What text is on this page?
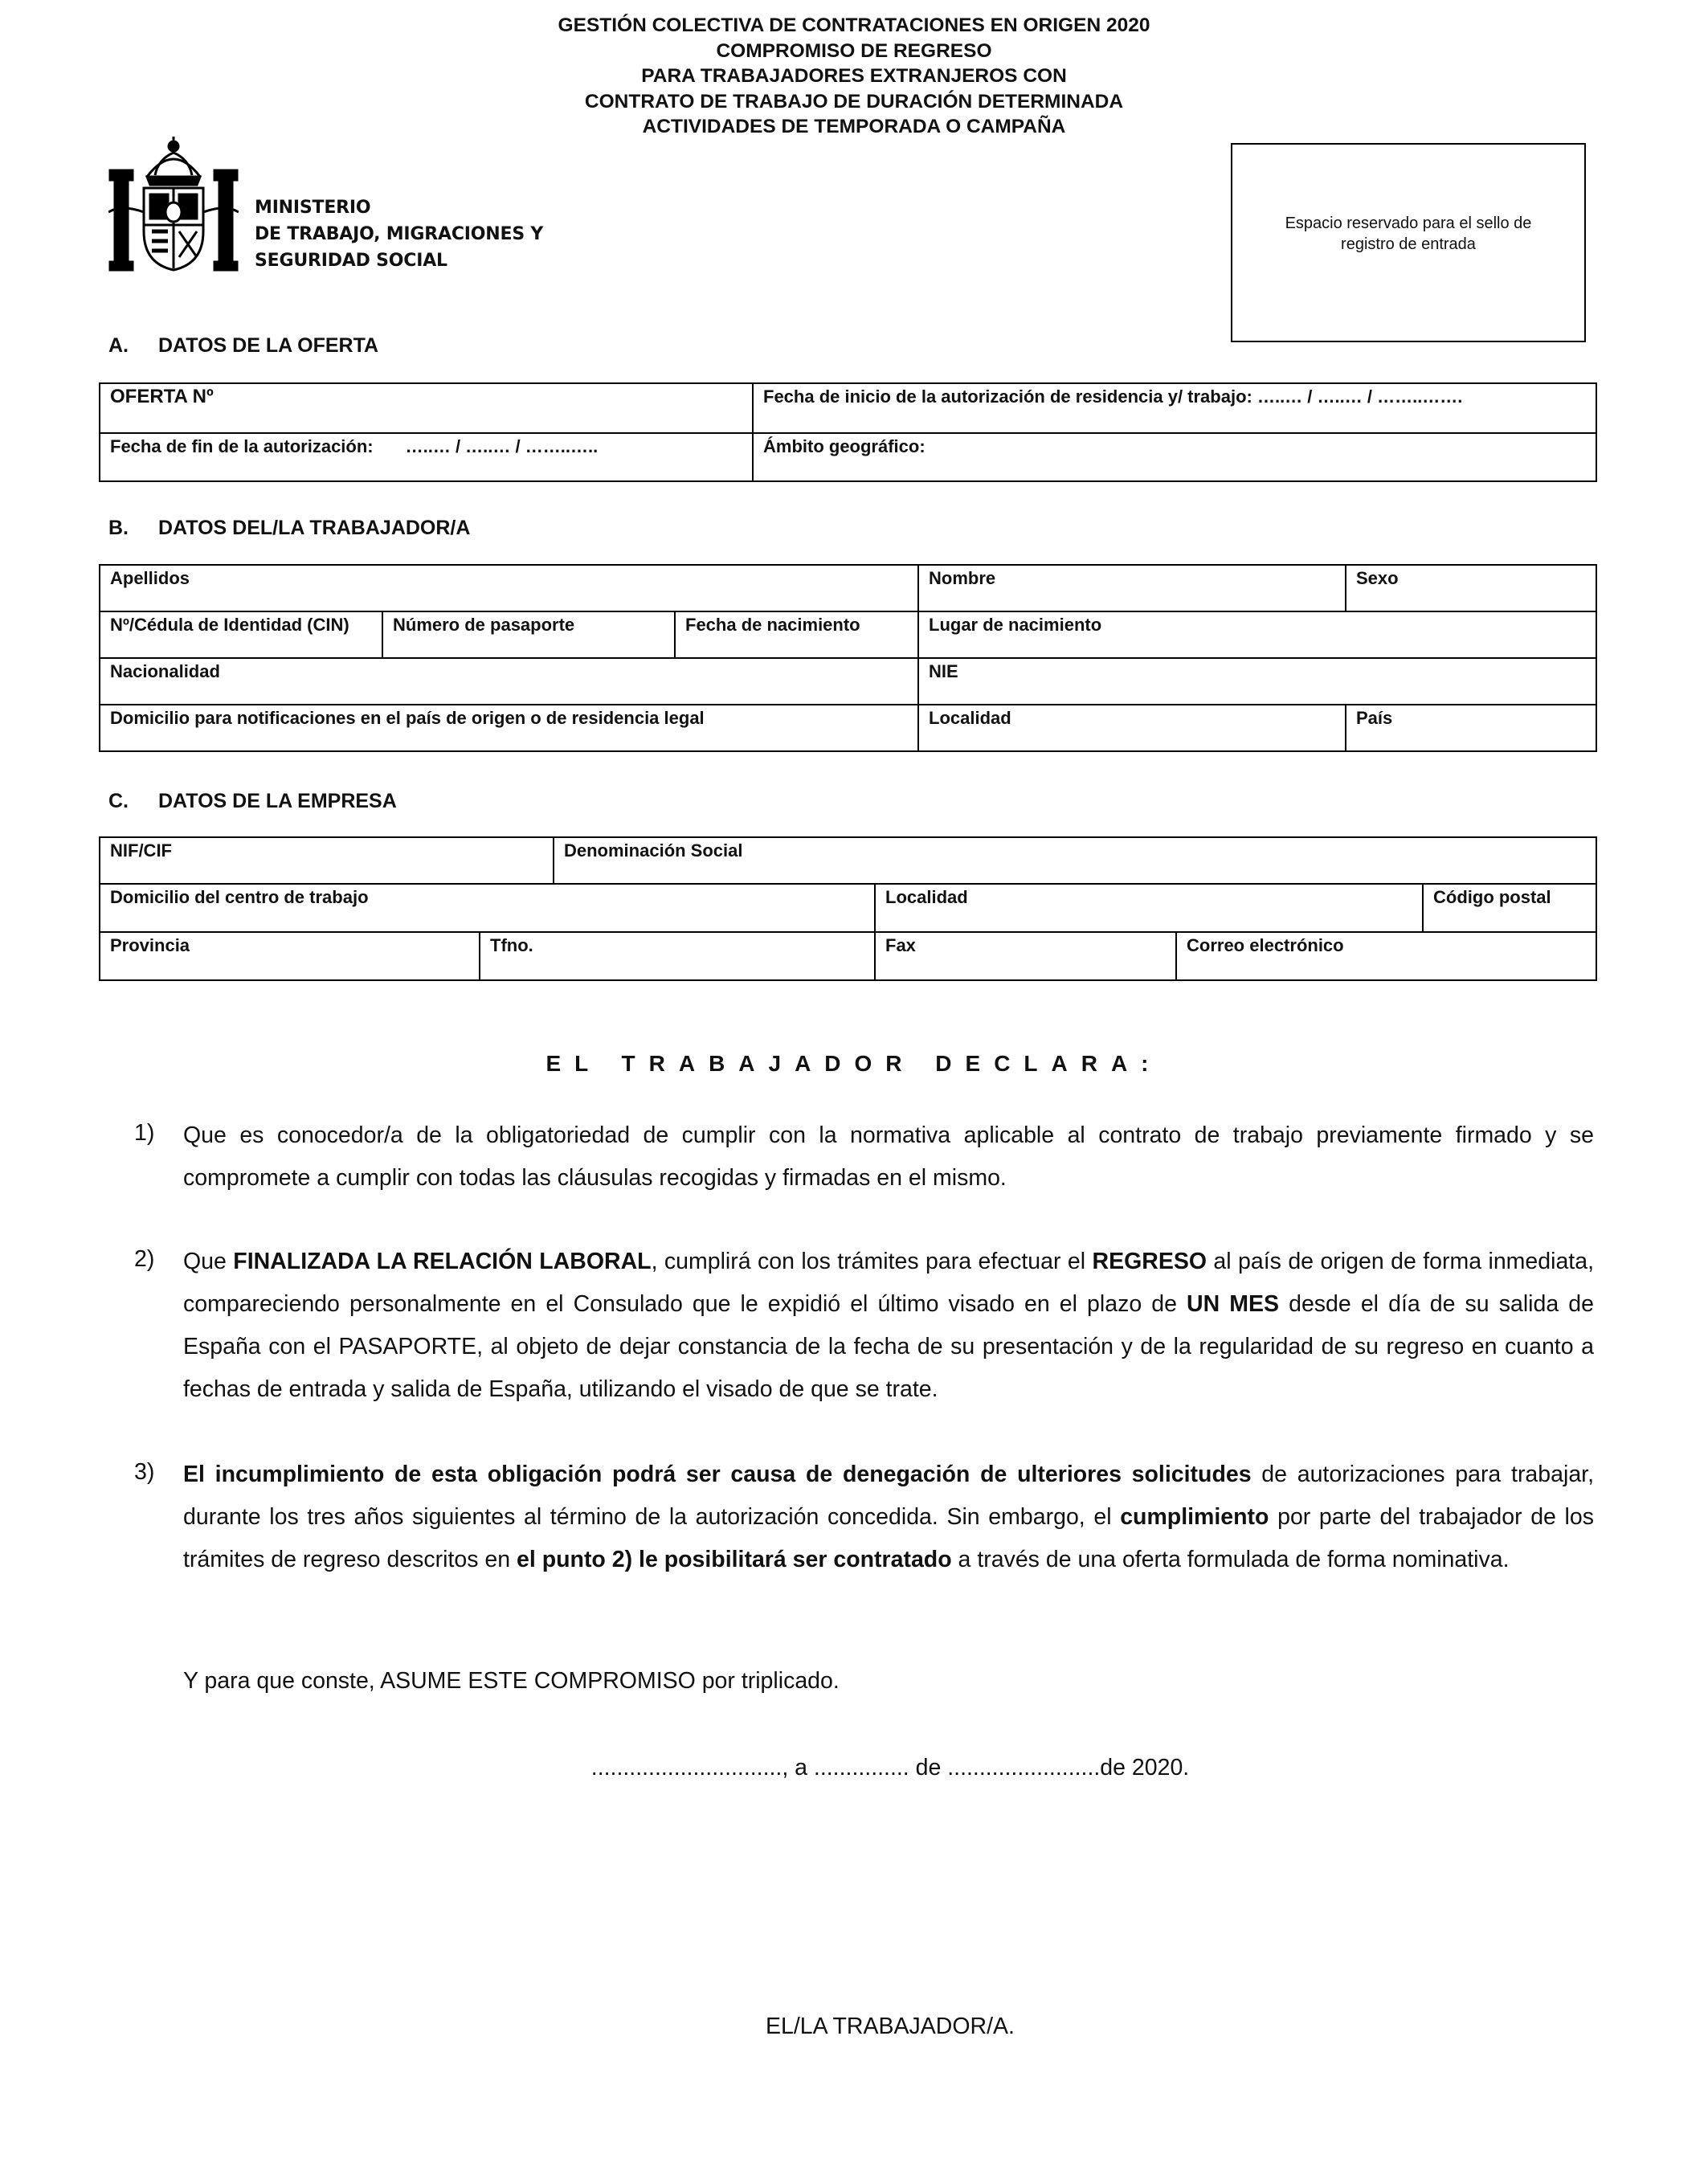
GESTIÓN COLECTIVA DE CONTRATACIONES EN ORIGEN 2020
COMPROMISO DE REGRESO
PARA TRABAJADORES EXTRANJEROS CON
CONTRATO DE TRABAJO DE DURACIÓN DETERMINADA
ACTIVIDADES DE TEMPORADA O CAMPAÑA
MINISTERIO
DE TRABAJO, MIGRACIONES Y
SEGURIDAD SOCIAL
Espacio reservado para el sello de registro de entrada
A. DATOS DE LA OFERTA
OFERTA Nº	Fecha de inicio de la autorización de residencia y/ trabajo: …..… / …..… / ……..…….
Fecha de fin de la autorización: …..… / …..… / ……..…..	Ámbito geográfico:
B. DATOS DEL/LA TRABAJADOR/A
Apellidos			Nombre	Sexo
Nº/Cédula de Identidad (CIN)	Número de pasaporte	Fecha de nacimiento	Lugar de nacimiento	
Nacionalidad			NIE	
Domicilio para notificaciones en el país de origen o de residencia legal			Localidad	País
C. DATOS DE LA EMPRESA
NIF/CIF		Denominación Social			
Domicilio del centro de trabajo			Localidad		Código postal
Provincia	Tfno.		Fax	Correo electrónico	
EL TRABAJADOR DECLARA:
1) Que es conocedor/a de la obligatoriedad de cumplir con la normativa aplicable al contrato de trabajo previamente firmado y se compromete a cumplir con todas las cláusulas recogidas y firmadas en el mismo.
2) Que FINALIZADA LA RELACIÓN LABORAL, cumplirá con los trámites para efectuar el REGRESO al país de origen de forma inmediata, compareciendo personalmente en el Consulado que le expidió el último visado en el plazo de UN MES desde el día de su salida de España con el PASAPORTE, al objeto de dejar constancia de la fecha de su presentación y de la regularidad de su regreso en cuanto a fechas de entrada y salida de España, utilizando el visado de que se trate.
3) El incumplimiento de esta obligación podrá ser causa de denegación de ulteriores solicitudes de autorizaciones para trabajar, durante los tres años siguientes al término de la autorización concedida. Sin embargo, el cumplimiento por parte del trabajador de los trámites de regreso descritos en el punto 2) le posibilitará ser contratado a través de una oferta formulada de forma nominativa.
Y para que conste, ASUME ESTE COMPROMISO por triplicado.
.............................., a ............... de ........................de 2020.
EL/LA TRABAJADOR/A.
